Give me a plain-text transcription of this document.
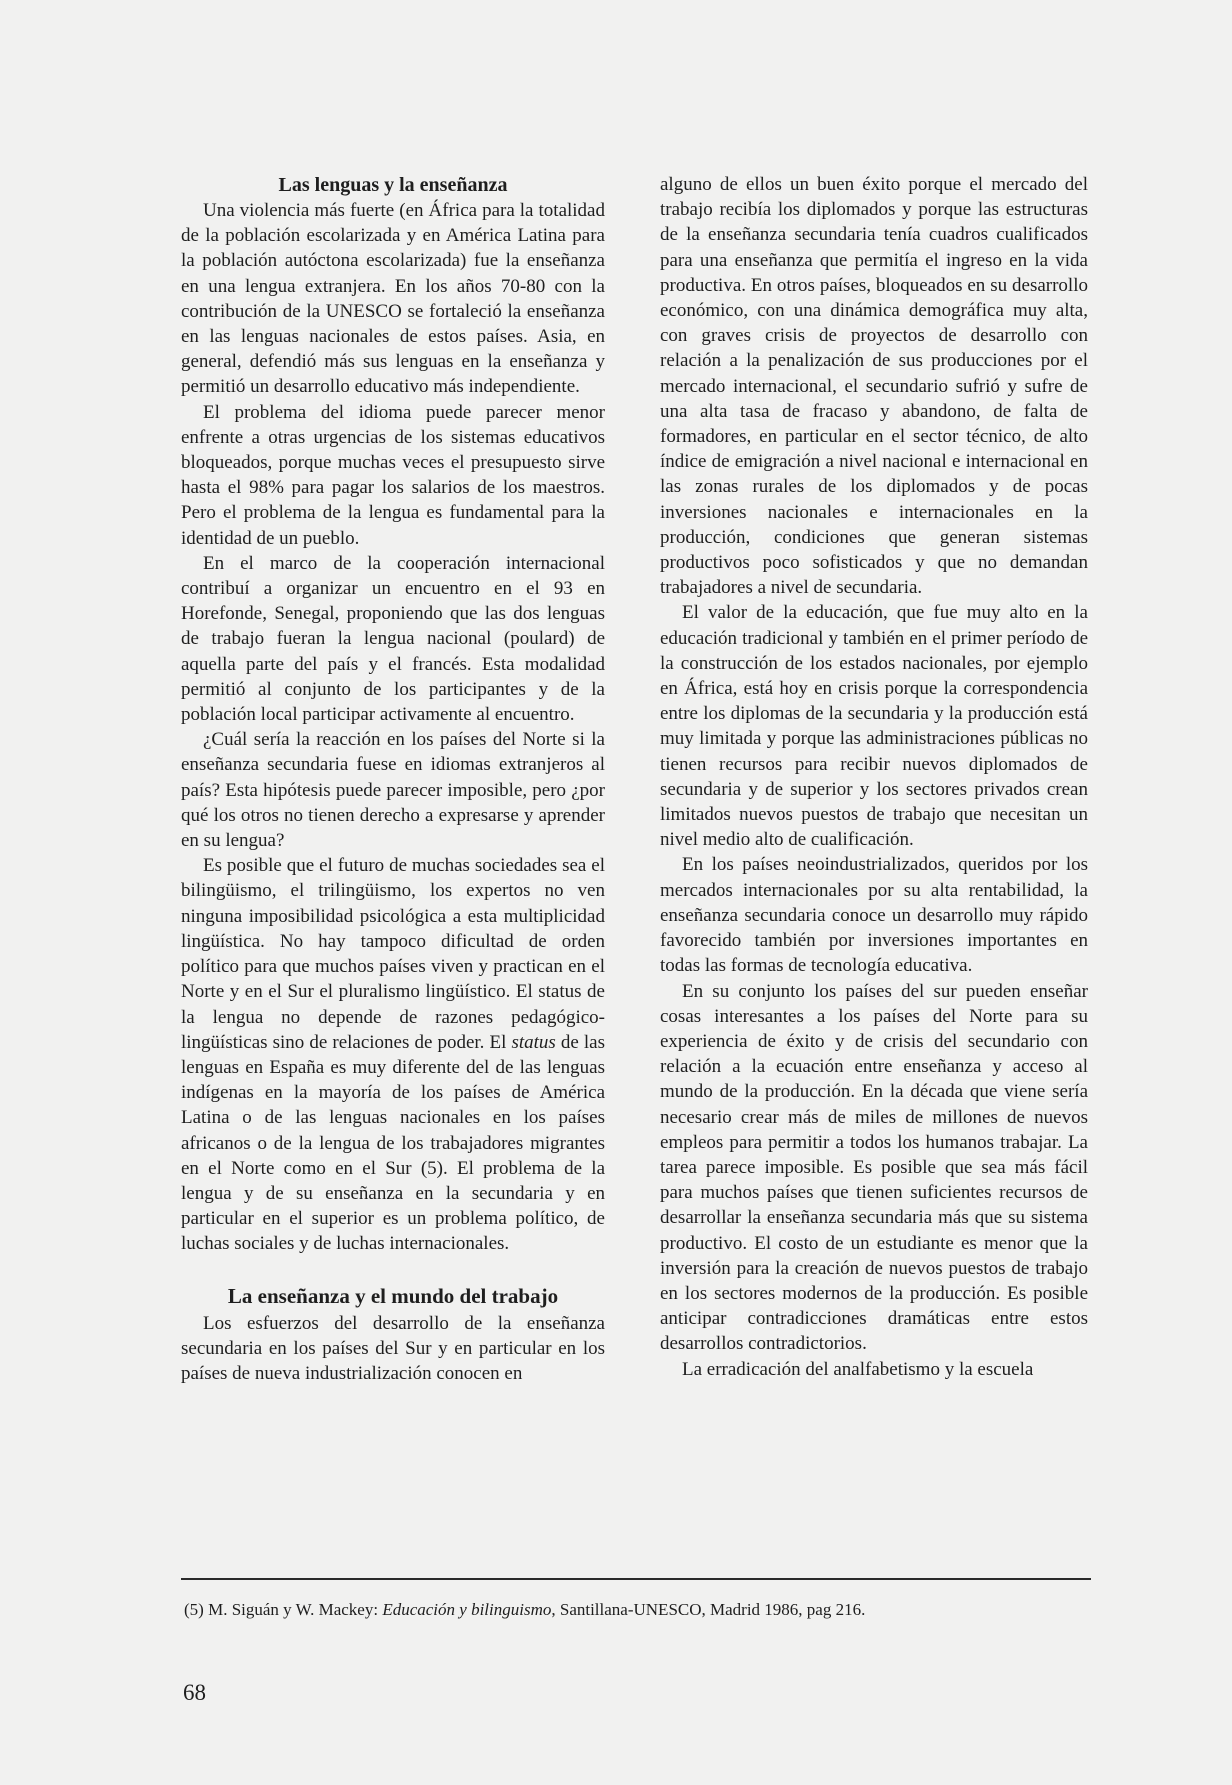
Las lenguas y la enseñanza

Una violencia más fuerte (en África para la totalidad de la población escolarizada y en América Latina para la población autóctona escolarizada) fue la enseñanza en una lengua extranjera. En los años 70-80 con la contribución de la UNESCO se fortaleció la enseñanza en las lenguas nacionales de estos países. Asia, en general, defendió más sus lenguas en la enseñanza y permitió un desarrollo educativo más independiente.

El problema del idioma puede parecer menor enfrente a otras urgencias de los sistemas educativos bloqueados, porque muchas veces el presupuesto sirve hasta el 98% para pagar los salarios de los maestros. Pero el problema de la lengua es fundamental para la identidad de un pueblo.

En el marco de la cooperación internacional contribuí a organizar un encuentro en el 93 en Horefonde, Senegal, proponiendo que las dos lenguas de trabajo fueran la lengua nacional (poulard) de aquella parte del país y el francés. Esta modalidad permitió al conjunto de los participantes y de la población local participar activamente al encuentro.

¿Cuál sería la reacción en los países del Norte si la enseñanza secundaria fuese en idiomas extranjeros al país? Esta hipótesis puede parecer imposible, pero ¿por qué los otros no tienen derecho a expresarse y aprender en su lengua?

Es posible que el futuro de muchas sociedades sea el bilingüismo, el trilingüismo, los expertos no ven ninguna imposibilidad psicológica a esta multiplicidad lingüística. No hay tampoco dificultad de orden político para que muchos países viven y practican en el Norte y en el Sur el pluralismo lingüístico. El status de la lengua no depende de razones pedagógico-lingüísticas sino de relaciones de poder. El status de las lenguas en España es muy diferente del de las lenguas indígenas en la mayoría de los países de América Latina o de las lenguas nacionales en los países africanos o de la lengua de los trabajadores migrantes en el Norte como en el Sur (5). El problema de la lengua y de su enseñanza en la secundaria y en particular en el superior es un problema político, de luchas sociales y de luchas internacionales.

La enseñanza y el mundo del trabajo

Los esfuerzos del desarrollo de la enseñanza secundaria en los países del Sur y en particular en los países de nueva industrialización conocen en

alguno de ellos un buen éxito porque el mercado del trabajo recibía los diplomados y porque las estructuras de la enseñanza secundaria tenía cuadros cualificados para una enseñanza que permitía el ingreso en la vida productiva. En otros países, bloqueados en su desarrollo económico, con una dinámica demográfica muy alta, con graves crisis de proyectos de desarrollo con relación a la penalización de sus producciones por el mercado internacional, el secundario sufrió y sufre de una alta tasa de fracaso y abandono, de falta de formadores, en particular en el sector técnico, de alto índice de emigración a nivel nacional e internacional en las zonas rurales de los diplomados y de pocas inversiones nacionales e internacionales en la producción, condiciones que generan sistemas productivos poco sofisticados y que no demandan trabajadores a nivel de secundaria.

El valor de la educación, que fue muy alto en la educación tradicional y también en el primer período de la construcción de los estados nacionales, por ejemplo en África, está hoy en crisis porque la correspondencia entre los diplomas de la secundaria y la producción está muy limitada y porque las administraciones públicas no tienen recursos para recibir nuevos diplomados de secundaria y de superior y los sectores privados crean limitados nuevos puestos de trabajo que necesitan un nivel medio alto de cualificación.

En los países neoindustrializados, queridos por los mercados internacionales por su alta rentabilidad, la enseñanza secundaria conoce un desarrollo muy rápido favorecido también por inversiones importantes en todas las formas de tecnología educativa.

En su conjunto los países del sur pueden enseñar cosas interesantes a los países del Norte para su experiencia de éxito y de crisis del secundario con relación a la ecuación entre enseñanza y acceso al mundo de la producción. En la década que viene sería necesario crear más de miles de millones de nuevos empleos para permitir a todos los humanos trabajar. La tarea parece imposible. Es posible que sea más fácil para muchos países que tienen suficientes recursos de desarrollar la enseñanza secundaria más que su sistema productivo. El costo de un estudiante es menor que la inversión para la creación de nuevos puestos de trabajo en los sectores modernos de la producción. Es posible anticipar contradicciones dramáticas entre estos desarrollos contradictorios.

La erradicación del analfabetismo y la escuela

(5) M. Siguán y W. Mackey: Educación y bilinguismo, Santillana-UNESCO, Madrid 1986, pag 216.
68
